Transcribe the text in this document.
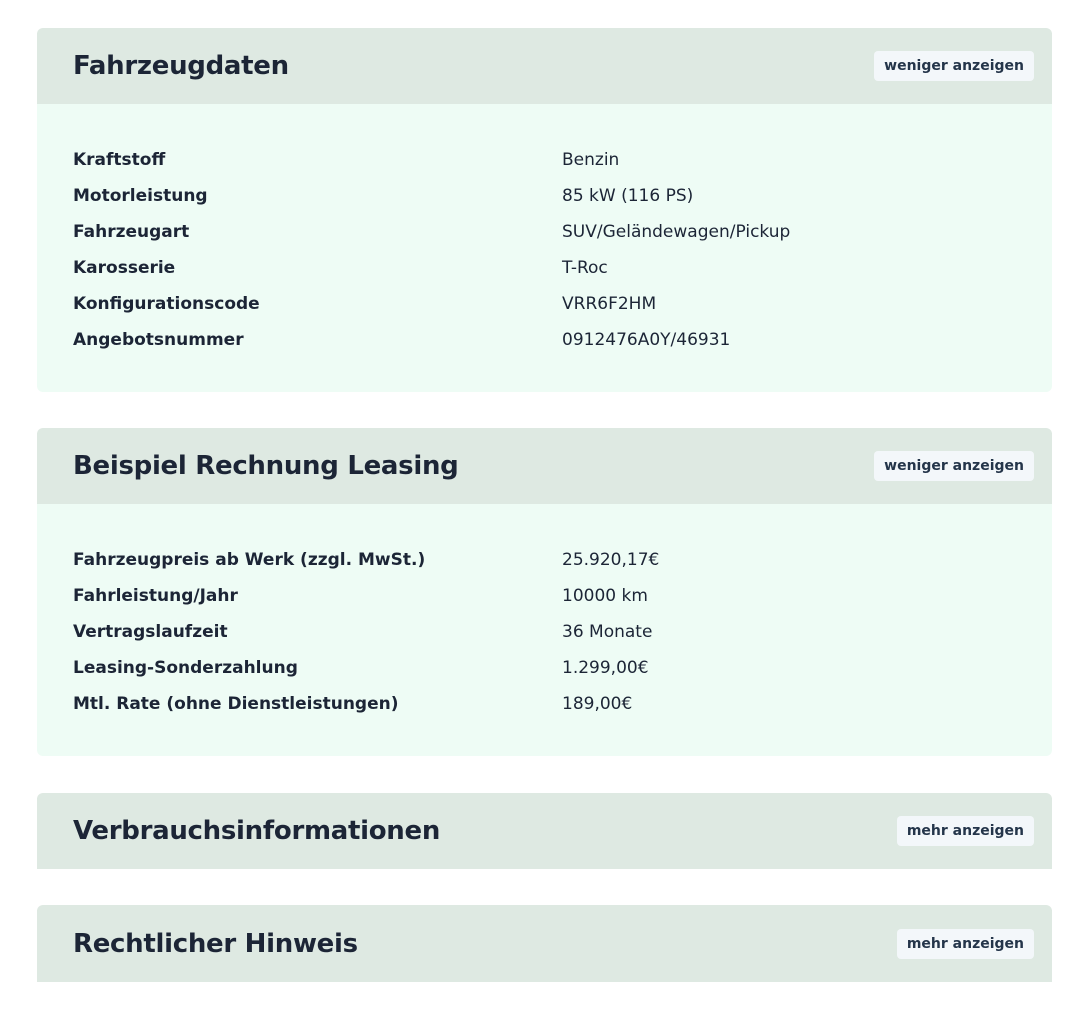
Fahrzeugdaten	weniger anzeigen
Kraftstoff	Benzin
Motorleistung	85 kW (116 PS)
Fahrzeugart	SUV/Geländewagen/Pickup
Karosserie	T-Roc
Konfigurationscode	VRR6F2HM
Angebotsnummer	0912476A0Y/46931
Beispiel Rechnung Leasing	weniger anzeigen
Fahrzeugpreis ab Werk (zzgl. MwSt.)	25.920,17€
Fahrleistung/Jahr	10000 km
Vertragslaufzeit	36 Monate
Leasing-Sonderzahlung	1.299,00€
Mtl. Rate (ohne Dienstleistungen)	189,00€
Verbrauchsinformationen	mehr anzeigen
Rechtlicher Hinweis	mehr anzeigen
